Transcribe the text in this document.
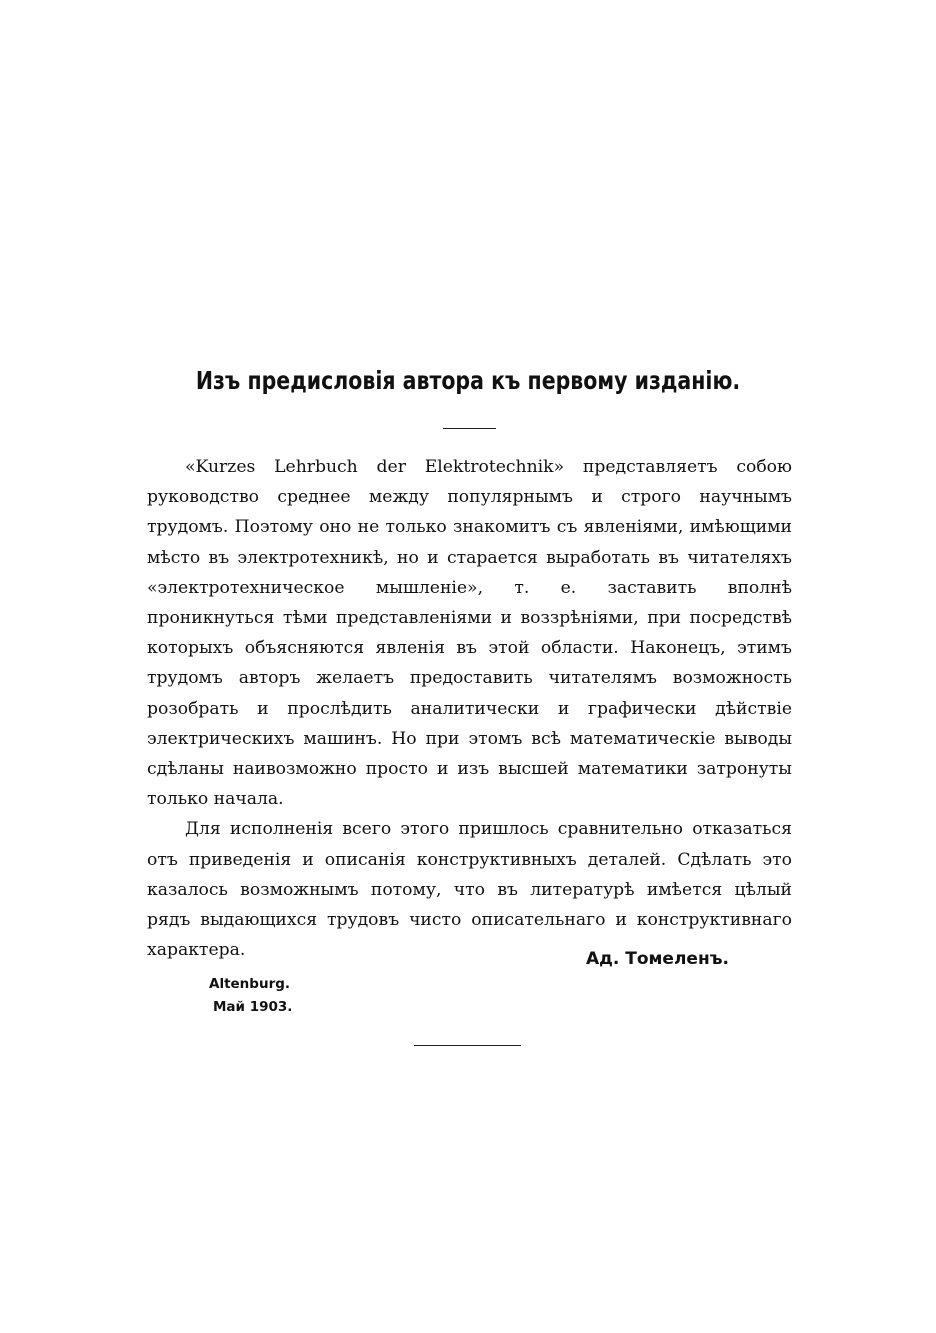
Изъ предисловія автора къ первому изданію.

«Kurzes Lehrbuch der Elektrotechnik» представляетъ собою руководство среднее между популярнымъ и строго научнымъ трудомъ. Поэтому оно не только знакомитъ съ явленіями, имѣющими мѣсто въ электротехникѣ, но и старается выработать въ читателяхъ «электротехническое мышленіе», т. е. заставить вполнѣ проникнуться тѣми представленіями и воззрѣніями, при посредствѣ которыхъ объясняются явленія въ этой области. Наконецъ, этимъ трудомъ авторъ желаетъ предоставить читателямъ возможность розобрать и прослѣдить аналитически и графически дѣйствіе электрическихъ машинъ. Но при этомъ всѣ математическіе выводы сдѣланы наивозможно просто и изъ высшей математики затронуты только начала.

Для исполненія всего этого пришлось сравнительно отказаться отъ приведенія и описанія конструктивныхъ деталей. Сдѣлать это казалось возможнымъ потому, что въ литературѣ имѣется цѣлый рядъ выдающихся трудовъ чисто описательнаго и конструктивнаго характера.	Ад. Томеленъ.
Altenburg.
Май 1903.
